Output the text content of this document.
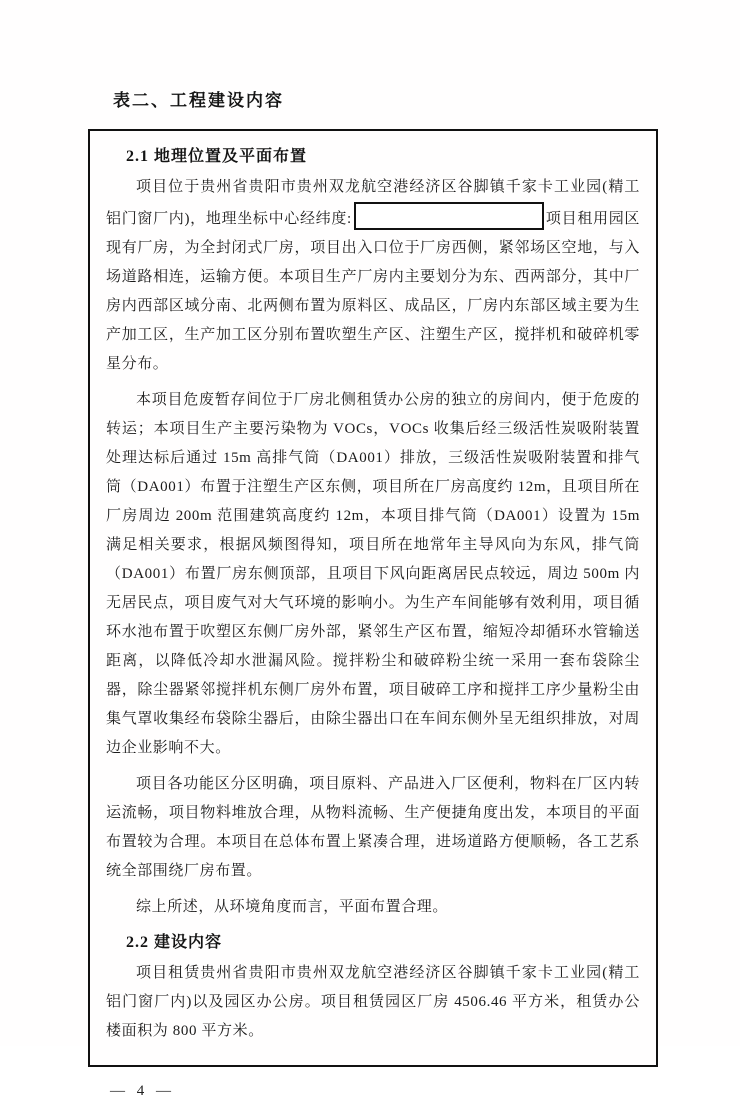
表二、工程建设内容
2.1 地理位置及平面布置

项目位于贵州省贵阳市贵州双龙航空港经济区谷脚镇千家卡工业园(精工铝门窗厂内)，地理坐标中心经纬度:	项目租用园区现有厂房，为全封闭式厂房，项目出入口位于厂房西侧，紧邻场区空地，与入场道路相连，运输方便。本项目生产厂房内主要划分为东、西两部分，其中厂房内西部区域分南、北两侧布置为原料区、成品区，厂房内东部区域主要为生产加工区，生产加工区分别布置吹塑生产区、注塑生产区，搅拌机和破碎机零星分布。

本项目危废暂存间位于厂房北侧租赁办公房的独立的房间内，便于危废的转运；本项目生产主要污染物为 VOCs，VOCs 收集后经三级活性炭吸附装置处理达标后通过 15m 高排气筒（DA001）排放，三级活性炭吸附装置和排气筒（DA001）布置于注塑生产区东侧，项目所在厂房高度约 12m，且项目所在厂房周边 200m 范围建筑高度约 12m，本项目排气筒（DA001）设置为 15m 满足相关要求，根据风频图得知，项目所在地常年主导风向为东风，排气筒（DA001）布置厂房东侧顶部，且项目下风向距离居民点较远，周边 500m 内无居民点，项目废气对大气环境的影响小。为生产车间能够有效利用，项目循环水池布置于吹塑区东侧厂房外部，紧邻生产区布置，缩短冷却循环水管输送距离，以降低冷却水泄漏风险。搅拌粉尘和破碎粉尘统一采用一套布袋除尘器，除尘器紧邻搅拌机东侧厂房外布置，项目破碎工序和搅拌工序少量粉尘由集气罩收集经布袋除尘器后，由除尘器出口在车间东侧外呈无组织排放，对周边企业影响不大。

项目各功能区分区明确，项目原料、产品进入厂区便利，物料在厂区内转运流畅，项目物料堆放合理，从物料流畅、生产便捷角度出发，本项目的平面布置较为合理。本项目在总体布置上紧凑合理，进场道路方便顺畅，各工艺系统全部围绕厂房布置。

综上所述，从环境角度而言，平面布置合理。

2.2 建设内容

项目租赁贵州省贵阳市贵州双龙航空港经济区谷脚镇千家卡工业园(精工铝门窗厂内)以及园区办公房。项目租赁园区厂房 4506.46 平方米，租赁办公楼面积为 800 平方米。

— 4 —
